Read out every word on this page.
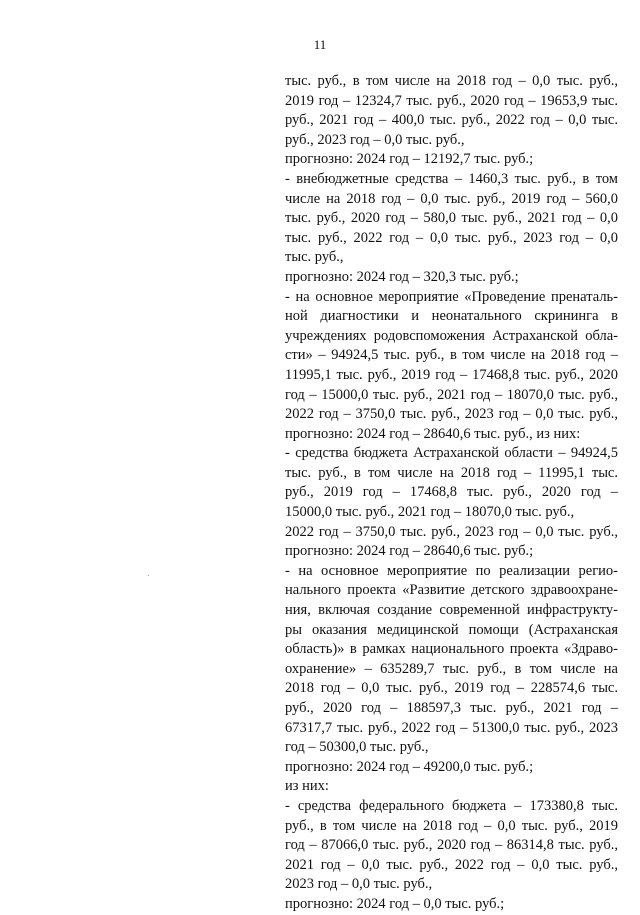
11
тыс. руб., в том числе на 2018 год – 0,0 тыс. руб.,
2019 год – 12324,7 тыс. руб., 2020 год – 19653,9 тыс.
руб., 2021 год – 400,0 тыс. руб., 2022 год – 0,0 тыс.
руб., 2023 год – 0,0 тыс. руб.,
прогнозно: 2024 год – 12192,7 тыс. руб.;
- внебюджетные средства – 1460,3 тыс. руб., в том
числе на 2018 год – 0,0 тыс. руб., 2019 год – 560,0
тыс. руб., 2020 год – 580,0 тыс. руб., 2021 год – 0,0
тыс. руб., 2022 год – 0,0 тыс. руб., 2023 год – 0,0
тыс. руб.,
прогнозно: 2024 год – 320,3 тыс. руб.;
- на основное мероприятие «Проведение пренаталь-
ной диагностики и неонатального скрининга в
учреждениях родовспоможения Астраханской обла-
сти» – 94924,5 тыс. руб., в том числе на 2018 год –
11995,1 тыс. руб., 2019 год – 17468,8 тыс. руб., 2020
год – 15000,0 тыс. руб., 2021 год – 18070,0 тыс. руб.,
2022 год – 3750,0 тыс. руб., 2023 год – 0,0 тыс. руб.,
прогнозно: 2024 год – 28640,6 тыс. руб., из них:
- средства бюджета Астраханской области – 94924,5
тыс. руб., в том числе на 2018 год – 11995,1 тыс.
руб., 2019 год – 17468,8 тыс. руб., 2020 год –
15000,0 тыс. руб., 2021 год – 18070,0 тыс. руб.,
2022 год – 3750,0 тыс. руб., 2023 год – 0,0 тыс. руб.,
прогнозно: 2024 год – 28640,6 тыс. руб.;
- на основное мероприятие по реализации регио-
нального проекта «Развитие детского здравоохране-
ния, включая создание современной инфраструкту-
ры оказания медицинской помощи (Астраханская
область)» в рамках национального проекта «Здраво-
охранение» – 635289,7 тыс. руб., в том числе на
2018 год – 0,0 тыс. руб., 2019 год – 228574,6 тыс.
руб., 2020 год – 188597,3 тыс. руб., 2021 год –
67317,7 тыс. руб., 2022 год – 51300,0 тыс. руб., 2023
год – 50300,0 тыс. руб.,
прогнозно: 2024 год – 49200,0 тыс. руб.;
из них:
- средства федерального бюджета – 173380,8 тыс.
руб., в том числе на 2018 год – 0,0 тыс. руб., 2019
год – 87066,0 тыс. руб., 2020 год – 86314,8 тыс. руб.,
2021 год – 0,0 тыс. руб., 2022 год – 0,0 тыс. руб.,
2023 год – 0,0 тыс. руб.,
прогнозно: 2024 год – 0,0 тыс. руб.;
